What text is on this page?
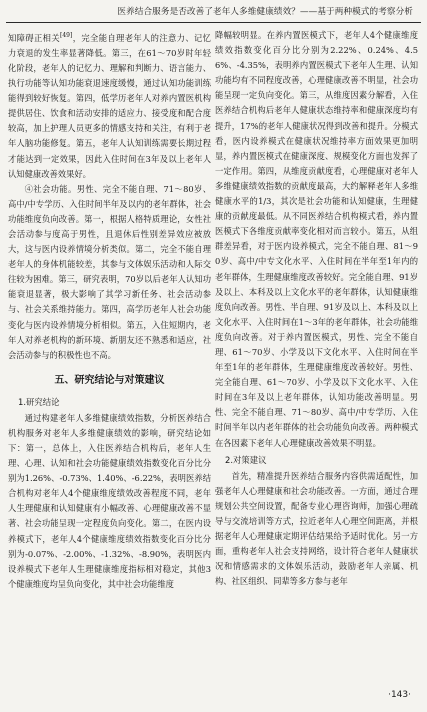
医养结合服务是否改善了老年人多维健康绩效？——基于两种模式的考察分析

知障碍正相关[49]，完全能自理老年人的注意力、记忆力衰退的发生率显著降低。第三，在61～70岁时年轻化阶段，老年人的记忆力、理解和判断力、语言能力、执行功能等认知功能衰退速度缓慢，通过认知功能训练能得到较好恢复。第四，低学历老年人对养内置医机构提供居住、饮食和活动安排的适应力、接受度和配合度较高，加上护理人员更多的情感支持和关注，有利于老年人脑功能修复。第五，老年人认知训练需要长期过程才能达到一定效果，因此入住时间在3年及以上老年人认知健康改善效果好。

④社会功能。男性、完全不能自理、71～80岁、高中/中专学历、入住时间半年及以内的老年群体，社会功能维度负向改善。第一，根据人格特质理论，女性社会活动参与度高于男性，且退休后性别差异效应被放大，这与医内设养情境分析类似。第二，完全不能自理老年人的身体机能较差，其参与文体娱乐活动和人际交往较为困难。第三，研究表明，70岁以后老年人认知功能衰退显著，极大影响了其学习新任务、社会活动参与、社会关系维持能力。第四，高学历老年人社会功能变化与医内设养情境分析相似。第五，入住短期内，老年人对养老机构的新环境、新朋友还不熟悉和适应，社会活动参与的积极性也不高。

五、研究结论与对策建议
1.研究结论

通过构建老年人多维健康绩效指数，分析医养结合机构服务对老年人多维健康绩效的影响，研究结论如下：第一，总体上，入住医养结合机构后，老年人生理、心理、认知和社会功能健康绩效指数变化百分比分别为1.26%、-0.73%、1.40%、-6.22%，表明医养结合机构对老年人4个健康维度绩效改善程度不同，老年人生理健康和认知健康有小幅改善、心理健康改善不显著、社会功能呈现一定程度负向变化。第二，在医内设养模式下，老年人4个健康维度绩效指数变化百分比分别为-0.07%、-2.00%、-1.32%、-8.90%，表明医内设养模式下老年人生理健康维度指标相对稳定，其他3个健康维度均呈负向变化，其中社会功能维度

降幅较明显。在养内置医模式下，老年人4个健康维度绩效指数变化百分比分别为2.22%、0.24%、4.56%、-4.35%，表明养内置医模式下老年人生理、认知功能均有不同程度改善，心理健康改善不明显，社会功能呈现一定负向变化。第三，从维度因素分解看，入住医养结合机构后老年人健康状态维持率和健康深度均有提升，17%的老年人健康状况得到改善和提升。分模式看，医内设养模式在健康状况维持率方面效果更加明显，养内置医模式在健康深度、规模变化方面也发挥了一定作用。第四，从维度贡献度看，心理健康对老年人多维健康绩效指数的贡献度最高，大约解释老年人多维健康水平的1/3，其次是社会功能和认知健康，生理健康的贡献度最低。从不同医养结合机构模式看，养内置医模式下各维度贡献率变化相对而言较小。第五，从组群差异看，对于医内设养模式，完全不能自理、81～90岁、高中/中专文化水平、入住时间在半年至1年内的老年群体，生理健康维度改善较好。完全能自理、91岁及以上、本科及以上文化水平的老年群体，认知健康维度负向改善。男性、半自理、91岁及以上、本科及以上文化水平、入住时间在1～3年的老年群体，社会功能维度负向改善。对于养内置医模式，男性、完全不能自理、61～70岁、小学及以下文化水平、入住时间在半年至1年的老年群体，生理健康维度改善较好。男性、完全能自理、61～70岁、小学及以下文化水平、入住时间在3年及以上老年群体，认知功能改善明显。男性、完全不能自理、71～80岁、高中/中专学历、入住时间半年以内老年群体的社会功能负向改善。两种模式在各因素下老年人心理健康改善效果不明显。

2.对策建议

首先，精准提升医养结合服务内容供需适配性，加强老年人心理健康和社会功能改善。一方面，通过合理规划公共空间设置，配备专业心理咨询师，加强心理疏导与交流培训等方式，拉近老年人心理空间距离，并根据老年人心理健康定期评估结果给予适时优化。另一方面，重构老年人社会支持网络，设计符合老年人健康状况和情感需求的文体娱乐活动，鼓励老年人亲属、机构、社区组织、同辈等多方参与老年

·143·
